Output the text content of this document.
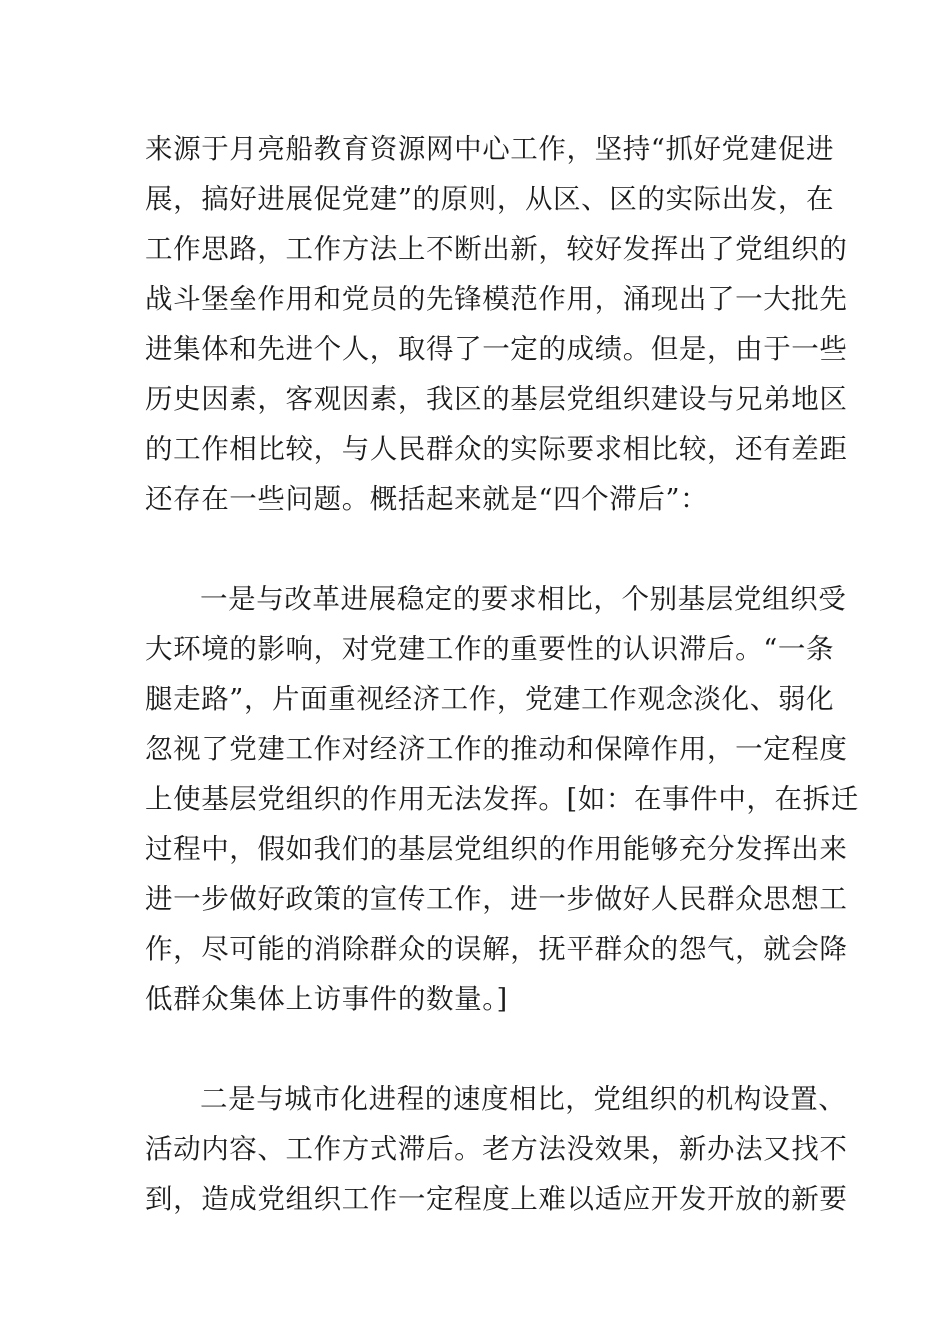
来源于月亮船教育资源网中心工作，坚持“抓好党建促进
展，搞好进展促党建”的原则，从区、区的实际出发，在
工作思路，工作方法上不断出新，较好发挥出了党组织的
战斗堡垒作用和党员的先锋模范作用，涌现出了一大批先
进集体和先进个人，取得了一定的成绩。但是，由于一些
历史因素，客观因素，我区的基层党组织建设与兄弟地区
的工作相比较，与人民群众的实际要求相比较，还有差距
还存在一些问题。概括起来就是“四个滞后”：
一是与改革进展稳定的要求相比，个别基层党组织受
大环境的影响，对党建工作的重要性的认识滞后。“一条
腿走路”，片面重视经济工作，党建工作观念淡化、弱化
忽视了党建工作对经济工作的推动和保障作用，一定程度
上使基层党组织的作用无法发挥。[如：在事件中，在拆迁
过程中，假如我们的基层党组织的作用能够充分发挥出来
进一步做好政策的宣传工作，进一步做好人民群众思想工
作，尽可能的消除群众的误解，抚平群众的怨气，就会降
低群众集体上访事件的数量。]
二是与城市化进程的速度相比，党组织的机构设置、
活动内容、工作方式滞后。老方法没效果，新办法又找不
到，造成党组织工作一定程度上难以适应开发开放的新要
